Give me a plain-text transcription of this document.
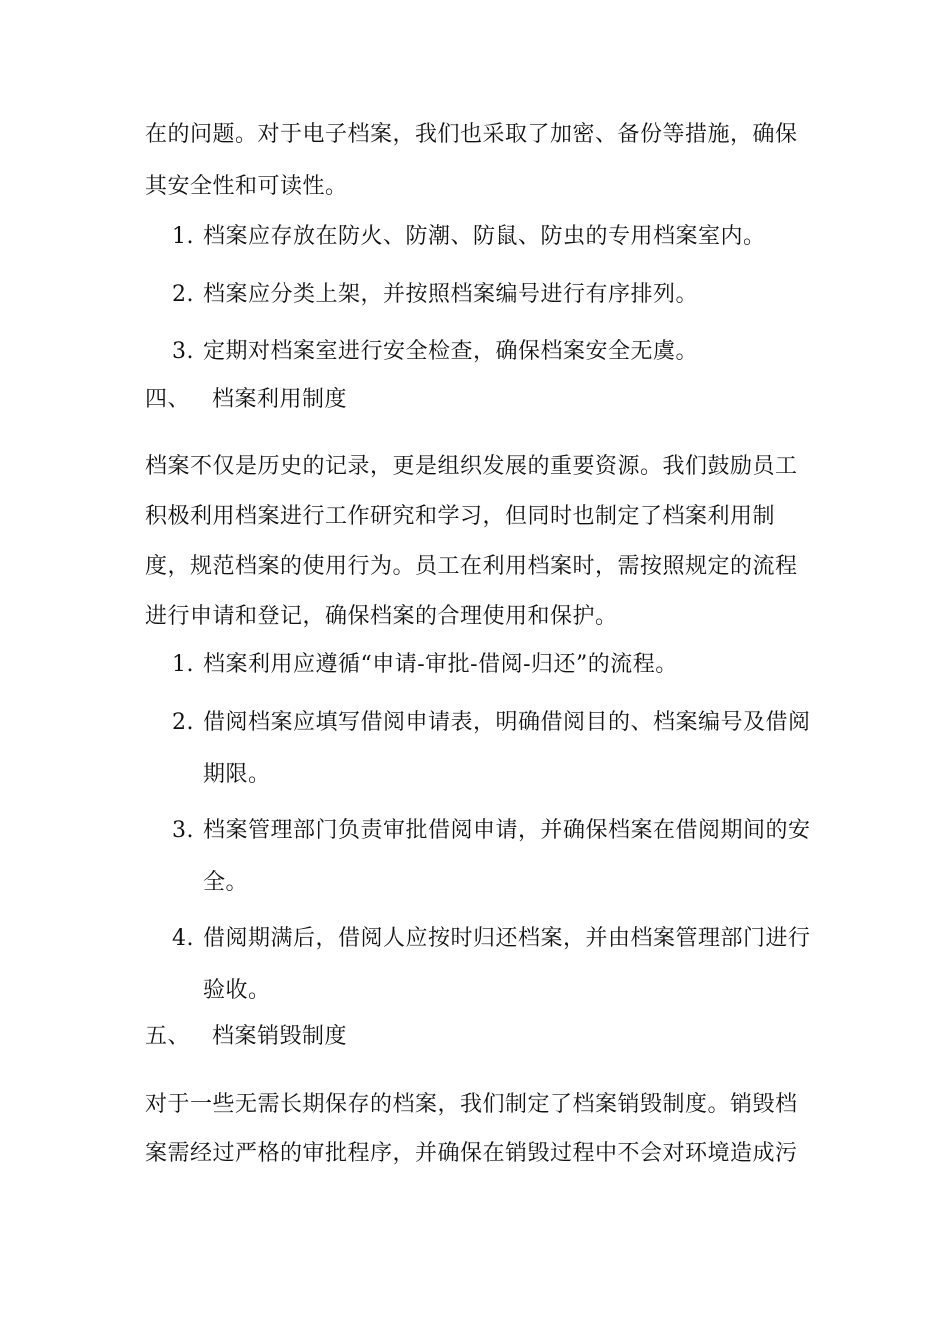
在的问题。对于电子档案，我们也采取了加密、备份等措施，确保
其安全性和可读性。
1. 档案应存放在防火、防潮、防鼠、防虫的专用档案室内。
2. 档案应分类上架，并按照档案编号进行有序排列。
3. 定期对档案室进行安全检查，确保档案安全无虞。
四、 档案利用制度
档案不仅是历史的记录，更是组织发展的重要资源。我们鼓励员工
积极利用档案进行工作研究和学习，但同时也制定了档案利用制
度，规范档案的使用行为。员工在利用档案时，需按照规定的流程
进行申请和登记，确保档案的合理使用和保护。
1. 档案利用应遵循“申请-审批-借阅-归还”的流程。
2. 借阅档案应填写借阅申请表，明确借阅目的、档案编号及借阅
期限。
3. 档案管理部门负责审批借阅申请，并确保档案在借阅期间的安
全。
4. 借阅期满后，借阅人应按时归还档案，并由档案管理部门进行
验收。
五、 档案销毁制度
对于一些无需长期保存的档案，我们制定了档案销毁制度。销毁档
案需经过严格的审批程序，并确保在销毁过程中不会对环境造成污
